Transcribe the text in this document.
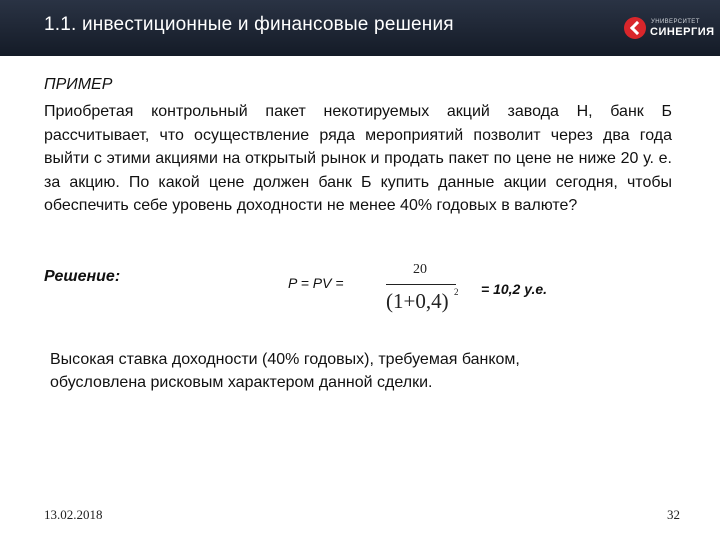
1.1. инвестиционные и финансовые решения	УНИВЕРСИТЕТ
СИНЕРГИЯ
ПРИМЕР

Приобретая контрольный пакет некотируемых акций завода Н, банк Б рассчитывает, что осуществление ряда мероприятий позволит через два года выйти с этими акциями на открытый рынок и продать пакет по цене не ниже 20 у. е. за акцию. По какой цене должен банк Б купить данные акции сегодня, чтобы обеспечить себе уровень доходности не менее 40% годовых в валюте?

Решение:	P = PV =
20
(1+0,4) 2 = 10,2 у.е.

Высокая ставка доходности (40% годовых), требуемая банком, обусловлена рисковым характером данной сделки.

13.02.2018	32
